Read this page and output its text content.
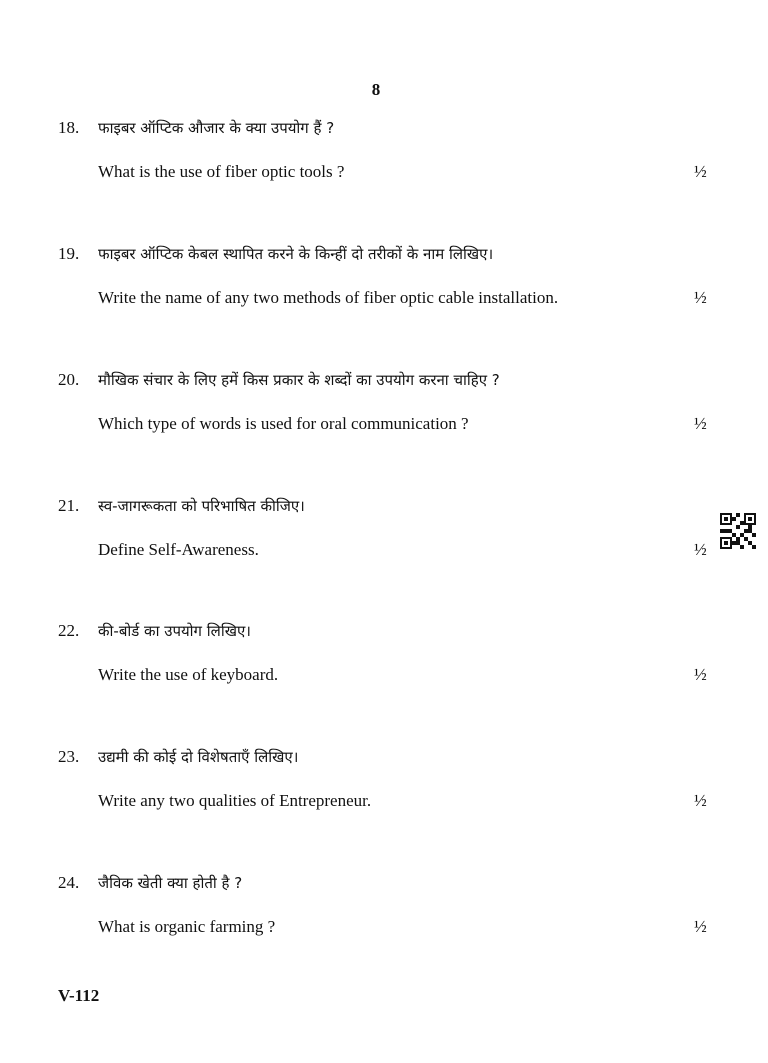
8
18. फाइबर ऑप्टिक औजार के क्या उपयोग हैं ?
What is the use of fiber optic tools ?	½
19. फाइबर ऑप्टिक केबल स्थापित करने के किन्हीं दो तरीकों के नाम लिखिए।
Write the name of any two methods of fiber optic cable installation.	½
20. मौखिक संचार के लिए हमें किस प्रकार के शब्दों का उपयोग करना चाहिए ?
Which type of words is used for oral communication ?	½
21. स्व-जागरूकता को परिभाषित कीजिए।
Define Self-Awareness.	½
22. की-बोर्ड का उपयोग लिखिए।
Write the use of keyboard.	½
23. उद्यमी की कोई दो विशेषताएँ लिखिए।
Write any two qualities of Entrepreneur.	½
24. जैविक खेती क्या होती है ?
What is organic farming ?	½
V-112
